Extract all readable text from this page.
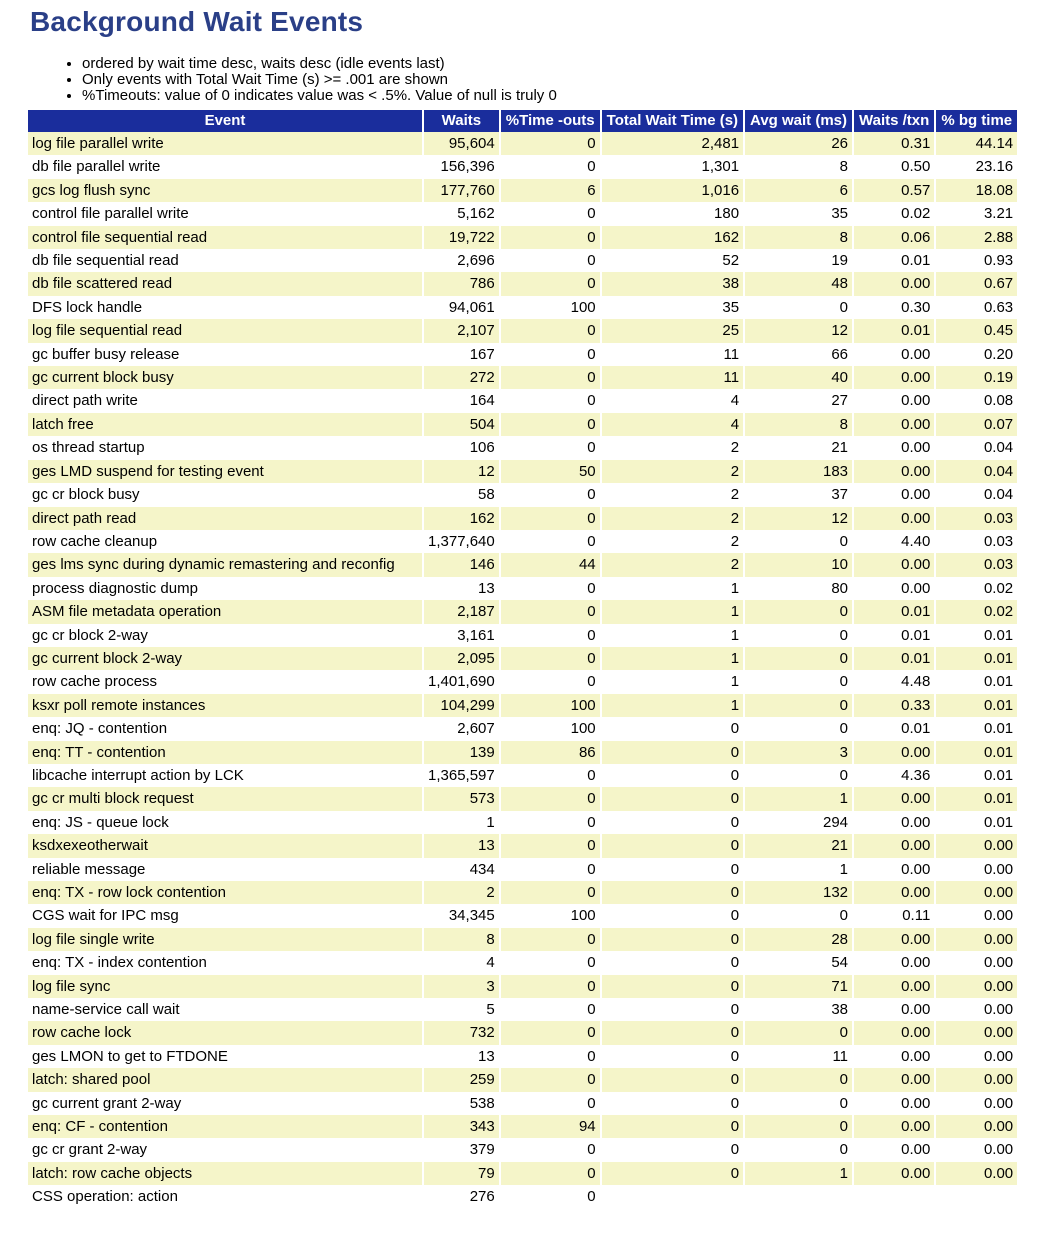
Background Wait Events
• ordered by wait time desc, waits desc (idle events last)
• Only events with Total Wait Time (s) >= .001 are shown
• %Timeouts: value of 0 indicates value was < .5%. Value of null is truly 0
Event	Waits	%Time -outs	Total Wait Time (s)	Avg wait (ms)	Waits /txn	% bg time
log file parallel write	95,604	0	2,481	26	0.31	44.14
db file parallel write	156,396	0	1,301	8	0.50	23.16
gcs log flush sync	177,760	6	1,016	6	0.57	18.08
control file parallel write	5,162	0	180	35	0.02	3.21
control file sequential read	19,722	0	162	8	0.06	2.88
db file sequential read	2,696	0	52	19	0.01	0.93
db file scattered read	786	0	38	48	0.00	0.67
DFS lock handle	94,061	100	35	0	0.30	0.63
log file sequential read	2,107	0	25	12	0.01	0.45
gc buffer busy release	167	0	11	66	0.00	0.20
gc current block busy	272	0	11	40	0.00	0.19
direct path write	164	0	4	27	0.00	0.08
latch free	504	0	4	8	0.00	0.07
os thread startup	106	0	2	21	0.00	0.04
ges LMD suspend for testing event	12	50	2	183	0.00	0.04
gc cr block busy	58	0	2	37	0.00	0.04
direct path read	162	0	2	12	0.00	0.03
row cache cleanup	1,377,640	0	2	0	4.40	0.03
ges lms sync during dynamic remastering and reconfig	146	44	2	10	0.00	0.03
process diagnostic dump	13	0	1	80	0.00	0.02
ASM file metadata operation	2,187	0	1	0	0.01	0.02
gc cr block 2-way	3,161	0	1	0	0.01	0.01
gc current block 2-way	2,095	0	1	0	0.01	0.01
row cache process	1,401,690	0	1	0	4.48	0.01
ksxr poll remote instances	104,299	100	1	0	0.33	0.01
enq: JQ - contention	2,607	100	0	0	0.01	0.01
enq: TT - contention	139	86	0	3	0.00	0.01
libcache interrupt action by LCK	1,365,597	0	0	0	4.36	0.01
gc cr multi block request	573	0	0	1	0.00	0.01
enq: JS - queue lock	1	0	0	294	0.00	0.01
ksdxexeotherwait	13	0	0	21	0.00	0.00
reliable message	434	0	0	1	0.00	0.00
enq: TX - row lock contention	2	0	0	132	0.00	0.00
CGS wait for IPC msg	34,345	100	0	0	0.11	0.00
log file single write	8	0	0	28	0.00	0.00
enq: TX - index contention	4	0	0	54	0.00	0.00
log file sync	3	0	0	71	0.00	0.00
name-service call wait	5	0	0	38	0.00	0.00
row cache lock	732	0	0	0	0.00	0.00
ges LMON to get to FTDONE	13	0	0	11	0.00	0.00
latch: shared pool	259	0	0	0	0.00	0.00
gc current grant 2-way	538	0	0	0	0.00	0.00
enq: CF - contention	343	94	0	0	0.00	0.00
gc cr grant 2-way	379	0	0	0	0.00	0.00
latch: row cache objects	79	0	0	1	0.00	0.00
CSS operation: action	276	0				
